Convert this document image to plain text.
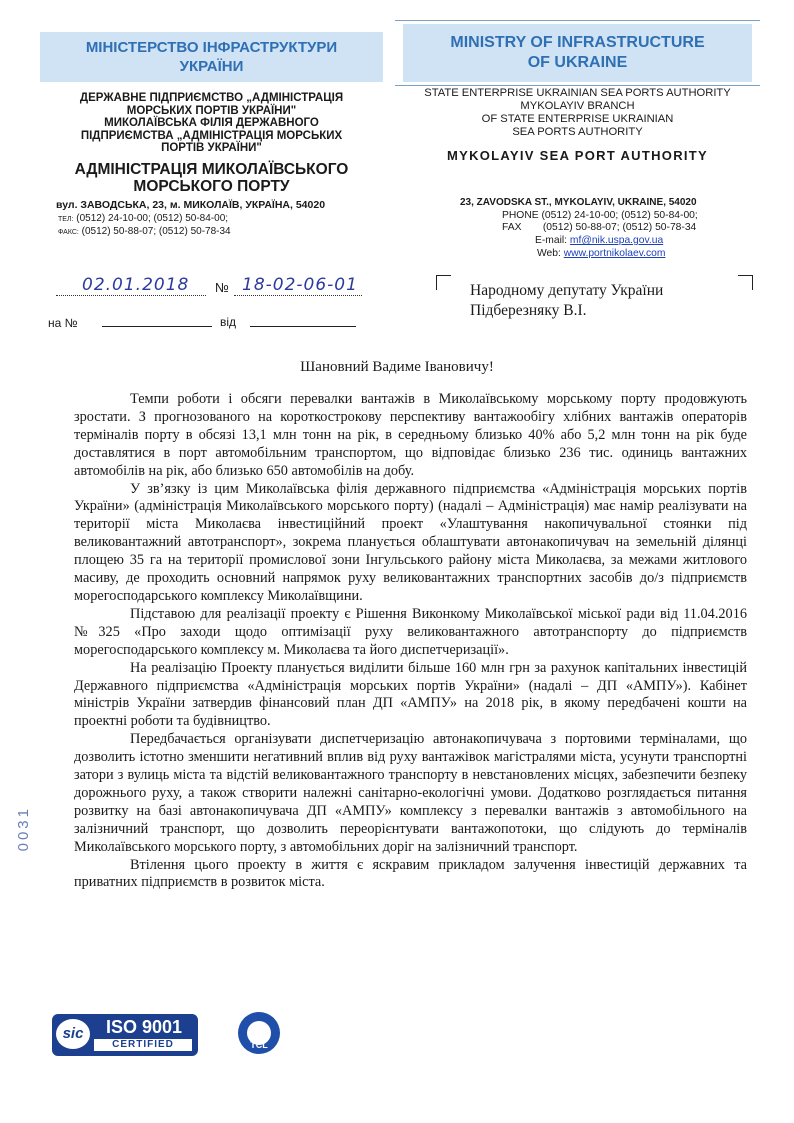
МІНІСТЕРСТВО ІНФРАСТРУКТУРИ
УКРАЇНИ
ДЕРЖАВНЕ ПІДПРИЄМСТВО „АДМІНІСТРАЦІЯ
МОРСЬКИХ ПОРТІВ УКРАЇНИ"
МИКОЛАЇВСЬКА ФІЛІЯ ДЕРЖАВНОГО
ПІДПРИЄМСТВА „АДМІНІСТРАЦІЯ МОРСЬКИХ
ПОРТІВ УКРАЇНИ"
АДМІНІСТРАЦІЯ МИКОЛАЇВСЬКОГО
МОРСЬКОГО ПОРТУ
вул. ЗАВОДСЬКА, 23, м. МИКОЛАЇВ, УКРАЇНА, 54020
ТЕЛ: (0512) 24-10-00; (0512) 50-84-00;
ФАКС: (0512) 50-88-07; (0512) 50-78-34
MINISTRY OF INFRASTRUCTURE
OF UKRAINE
STATE ENTERPRISE UKRAINIAN SEA PORTS AUTHORITY
MYKOLAYIV BRANCH
OF STATE ENTERPRISE UKRAINIAN
SEA PORTS AUTHORITY
MYKOLAYIV SEA PORT AUTHORITY
23, ZAVODSKA ST., MYKOLAYIV, UKRAINE, 54020
PHONE (0512) 24-10-00; (0512) 50-84-00;
FAX (0512) 50-88-07; (0512) 50-78-34
E-mail: mf@nik.uspa.gov.ua
Web: www.portnikolaev.com
02.01.2018 № 18-02-06-01
на №	від
Народному депутату України
Підберезняку В.І.
Шановний Вадиме Івановичу!

Темпи роботи і обсяги перевалки вантажів в Миколаївському морському порту продовжують зростати. З прогнозованого на короткострокову перспективу вантажообігу хлібних вантажів операторів терміналів порту в обсязі 13,1 млн тонн на рік, в середньому близько 40% або 5,2 млн тонн на рік буде доставлятися в порт автомобільним транспортом, що відповідає близько 236 тис. одиниць вантажних автомобілів на рік, або близько 650 автомобілів на добу.

У зв’язку із цим Миколаївська філія державного підприємства «Адміністрація морських портів України» (адміністрація Миколаївського морського порту) (надалі – Адміністрація) має намір реалізувати на території міста Миколаєва інвестиційний проект «Улаштування накопичувальної стоянки під великовантажний автотранспорт», зокрема планується облаштувати автонакопичувач на земельній ділянці площею 35 га на території промислової зони Інгульського району міста Миколаєва, за межами житлового масиву, де проходить основний напрямок руху великовантажних транспортних засобів до/з підприємств морегосподарського комплексу Миколаївщини.

Підставою для реалізації проекту є Рішення Виконкому Миколаївської міської ради від 11.04.2016 №325 «Про заходи щодо оптимізації руху великовантажного автотранспорту до підприємств морегосподарського комплексу м. Миколаєва та його диспетчеризації».

На реалізацію Проекту планується виділити більше 160 млн грн за рахунок капітальних інвестицій Державного підприємства «Адміністрація морських портів України» (надалі – ДП «АМПУ»). Кабінет міністрів України затвердив фінансовий план ДП «АМПУ» на 2018 рік, в якому передбачені кошти на проектні роботи та будівництво.

Передбачається організувати диспетчеризацію автонакопичувача з портовими терміналами, що дозволить істотно зменшити негативний вплив від руху вантажівок магістралями міста, усунути транспортні затори з вулиць міста та відстій великовантажного транспорту в невстановлених місцях, забезпечити безпеку дорожнього руху, а також створити належні санітарно-екологічні умови. Додатково розглядається питання розвитку на базі автонакопичувача ДП «АМПУ» комплексу з перевалки вантажів з автомобільного на залізничний транспорт, що дозволить переорієнтувати вантажопотоки, що слідують до терміналів Миколаївського морського порту, з автомобільних доріг на залізничний транспорт.

Втілення цього проекту в життя є яскравим прикладом залучення інвестицій державних та приватних підприємств в розвиток міста.

0031
sic	ISO 9001
CERTIFIED	TCL
